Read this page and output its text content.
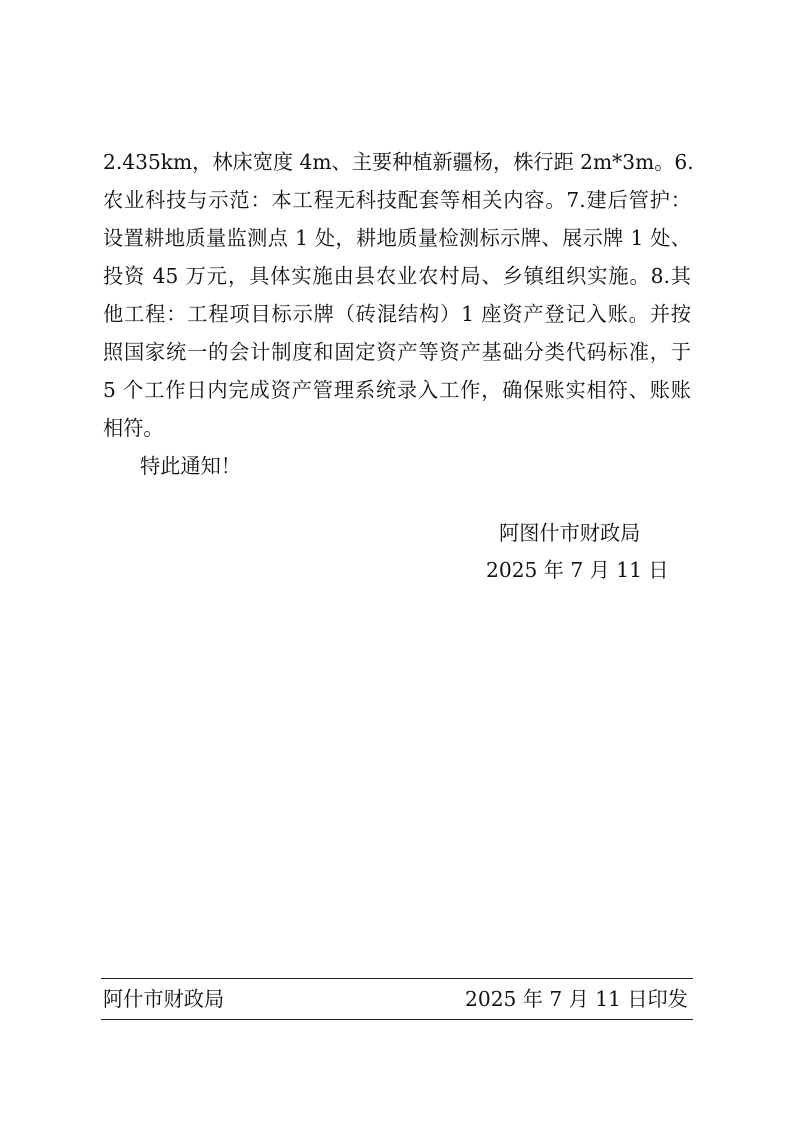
2.435km，林床宽度 4m、主要种植新疆杨，株行距 2m*3m。6.
农业科技与示范：本工程无科技配套等相关内容。7.建后管护：
设置耕地质量监测点 1 处，耕地质量检测标示牌、展示牌 1 处、
投资 45 万元，具体实施由县农业农村局、乡镇组织实施。8.其
他工程：工程项目标示牌（砖混结构）1 座资产登记入账。并按
照国家统一的会计制度和固定资产等资产基础分类代码标准，于
5 个工作日内完成资产管理系统录入工作，确保账实相符、账账
相符。
特此通知！
阿图什市财政局
2025 年 7 月 11 日
阿什市财政局	2025 年 7 月 11 日印发
